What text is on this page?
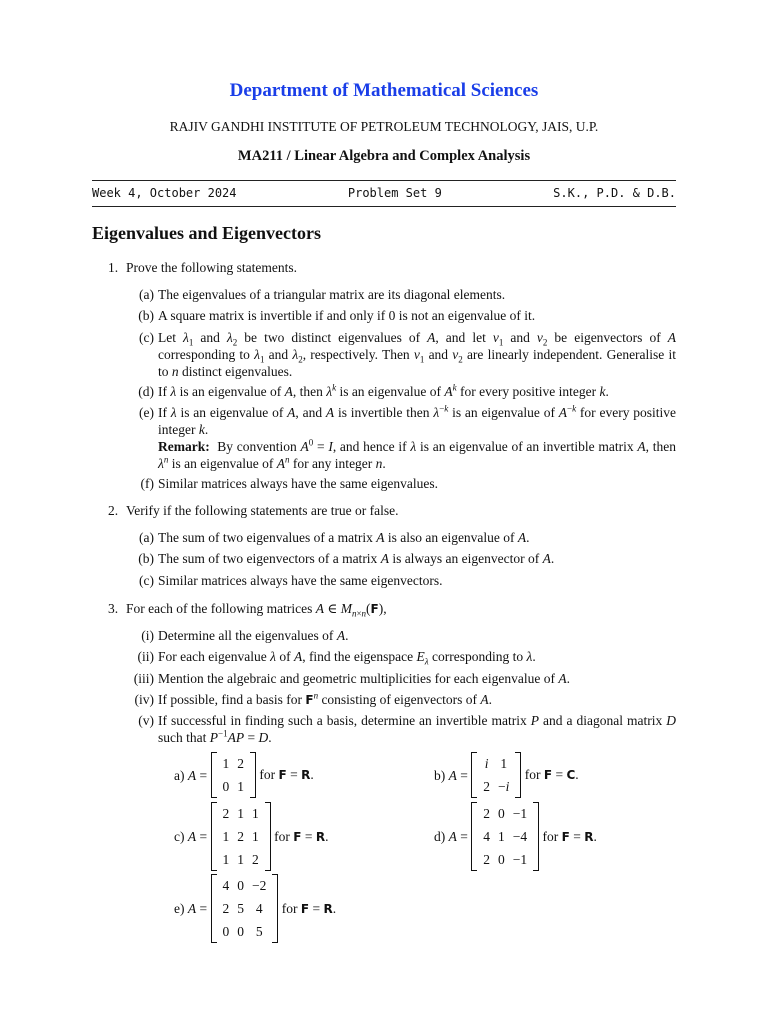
Department of Mathematical Sciences
RAJIV GANDHI INSTITUTE OF PETROLEUM TECHNOLOGY, JAIS, U.P.
MA211 / Linear Algebra and Complex Analysis
Week 4, October 2024	Problem Set 9	S.K., P.D. & D.B.
Eigenvalues and Eigenvectors
1. Prove the following statements.
(a) The eigenvalues of a triangular matrix are its diagonal elements.
(b) A square matrix is invertible if and only if 0 is not an eigenvalue of it.
(c) Let $\lambda_1$ and $\lambda_2$ be two distinct eigenvalues of A, and let $v_1$ and $v_2$ be eigenvectors of A corresponding to $\lambda_1$ and $\lambda_2$, respectively. Then $v_1$ and $v_2$ are linearly independent. Generalise it to n distinct eigenvalues.
(d) If λ is an eigenvalue of A, then $\lambda^k$ is an eigenvalue of $A^k$ for every positive integer k.
(e) If λ is an eigenvalue of A, and A is invertible then $\lambda^{-k}$ is an eigenvalue of $A^{-k}$ for every positive integer k.
Remark:  By convention $A^0 = I$, and hence if λ is an eigenvalue of an invertible matrix A, then $\lambda^n$ is an eigenvalue of $A^n$ for any integer n.
(f) Similar matrices always have the same eigenvalues.
2. Verify if the following statements are true or false.
(a) The sum of two eigenvalues of a matrix A is also an eigenvalue of A.
(b) The sum of two eigenvectors of a matrix A is always an eigenvector of A.
(c) Similar matrices always have the same eigenvectors.
3. For each of the following matrices A ∈ $M_{n\times n}(F)$,
(i) Determine all the eigenvalues of A.
(ii) For each eigenvalue λ of A, find the eigenspace $E_\lambda$ corresponding to λ.
(iii) Mention the algebraic and geometric multiplicities for each eigenvalue of A.
(iv) If possible, find a basis for $F^n$ consisting of eigenvectors of A.
(v) If successful in finding such a basis, determine an invertible matrix P and a diagonal matrix D such that $P^{-1}AP = D$.
a) A =
1	2
0	1
for F = R.	b) A =
i	1
2	−i
for F = C.
c) A =
2	1	1
1	2	1
1	1	2
for F = R.	d) A =
2	0	−1
4	1	−4
2	0	−1
for F = R.
e) A =
4	0	−2
2	5	4
0	0	5
for F = R.
